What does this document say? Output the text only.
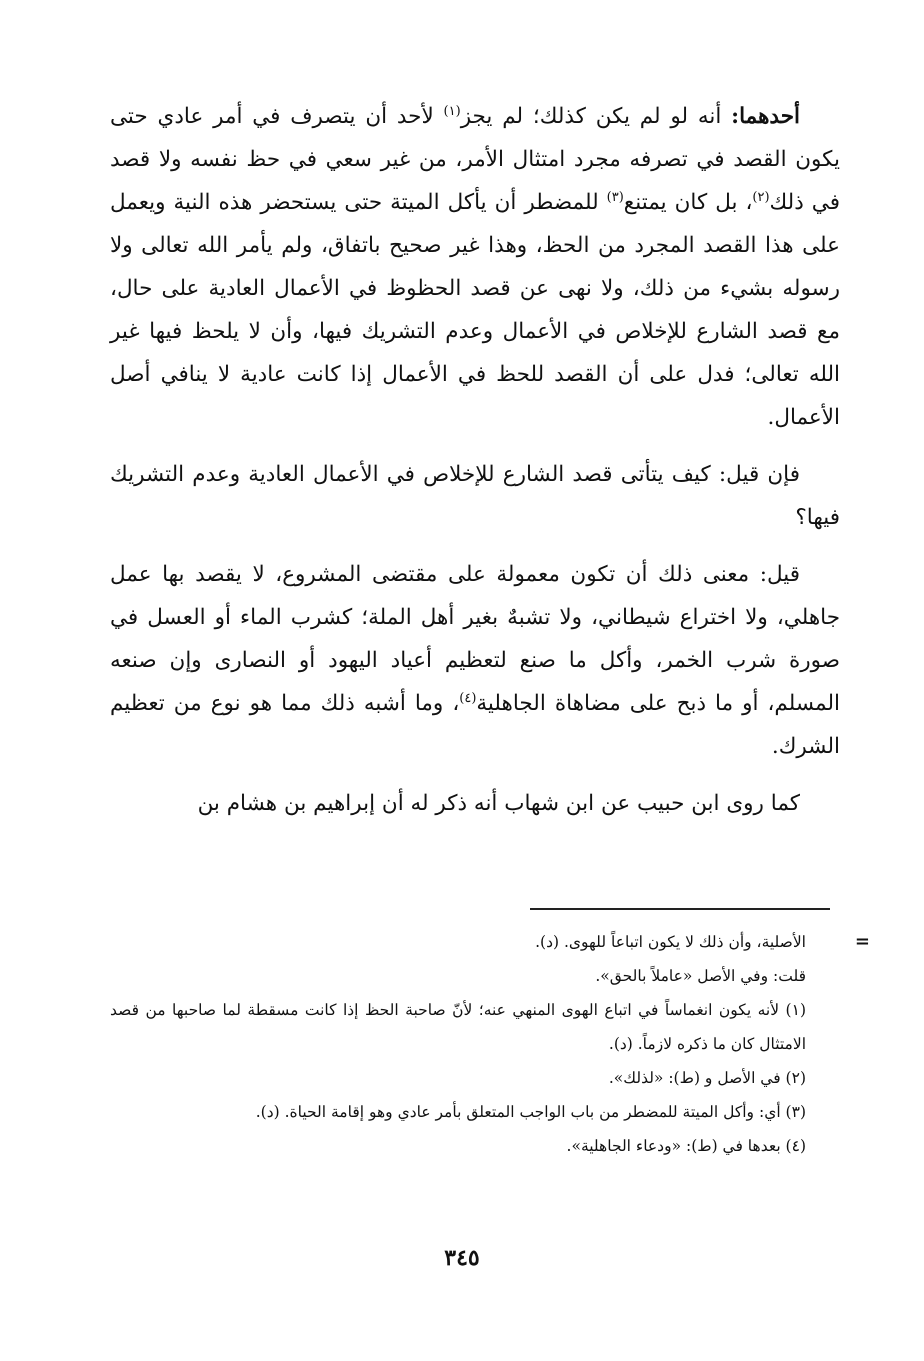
أحدهما: أنه لو لم يكن كذلك؛ لم يجز$^{(١)}$ لأحد أن يتصرف في أمر عادي حتى يكون القصد في تصرفه مجرد امتثال الأمر، من غير سعي في حظ نفسه ولا قصد في ذلك$^{(٢)}$، بل كان يمتنع$^{(٣)}$ للمضطر أن يأكل الميتة حتى يستحضر هذه النية ويعمل على هذا القصد المجرد من الحظ، وهذا غير صحيح باتفاق، ولم يأمر الله تعالى ولا رسوله بشيء من ذلك، ولا نهى عن قصد الحظوظ في الأعمال العادية على حال، مع قصد الشارع للإخلاص في الأعمال وعدم التشريك فيها، وأن لا يلحظ فيها غير الله تعالى؛ فدل على أن القصد للحظ في الأعمال إذا كانت عادية لا ينافي أصل الأعمال.

فإن قيل: كيف يتأتى قصد الشارع للإخلاص في الأعمال العادية وعدم التشريك فيها؟

قيل: معنى ذلك أن تكون معمولة على مقتضى المشروع، لا يقصد بها عمل جاهلي، ولا اختراع شيطاني، ولا تشبهٌ بغير أهل الملة؛ كشرب الماء أو العسل في صورة شرب الخمر، وأكل ما صنع لتعظيم أعياد اليهود أو النصارى وإن صنعه المسلم، أو ما ذبح على مضاهاة الجاهلية$^{(٤)}$، وما أشبه ذلك مما هو نوع من تعظيم الشرك.

كما روى ابن حبيب عن ابن شهاب أنه ذكر له أن إبراهيم بن هشام بن

=
الأصلية، وأن ذلك لا يكون اتباعاً للهوى. (د).

قلت: وفي الأصل «عاملاً بالحق».

(١) لأنه يكون انغماساً في اتباع الهوى المنهي عنه؛ لأنّ صاحبة الحظ إذا كانت مسقطة لما صاحبها من قصد الامتثال كان ما ذكره لازماً. (د).

(٢) في الأصل و (ط): «لذلك».

(٣) أي: وأكل الميتة للمضطر من باب الواجب المتعلق بأمر عادي وهو إقامة الحياة. (د).

(٤) بعدها في (ط): «ودعاء الجاهلية».

٣٤٥
